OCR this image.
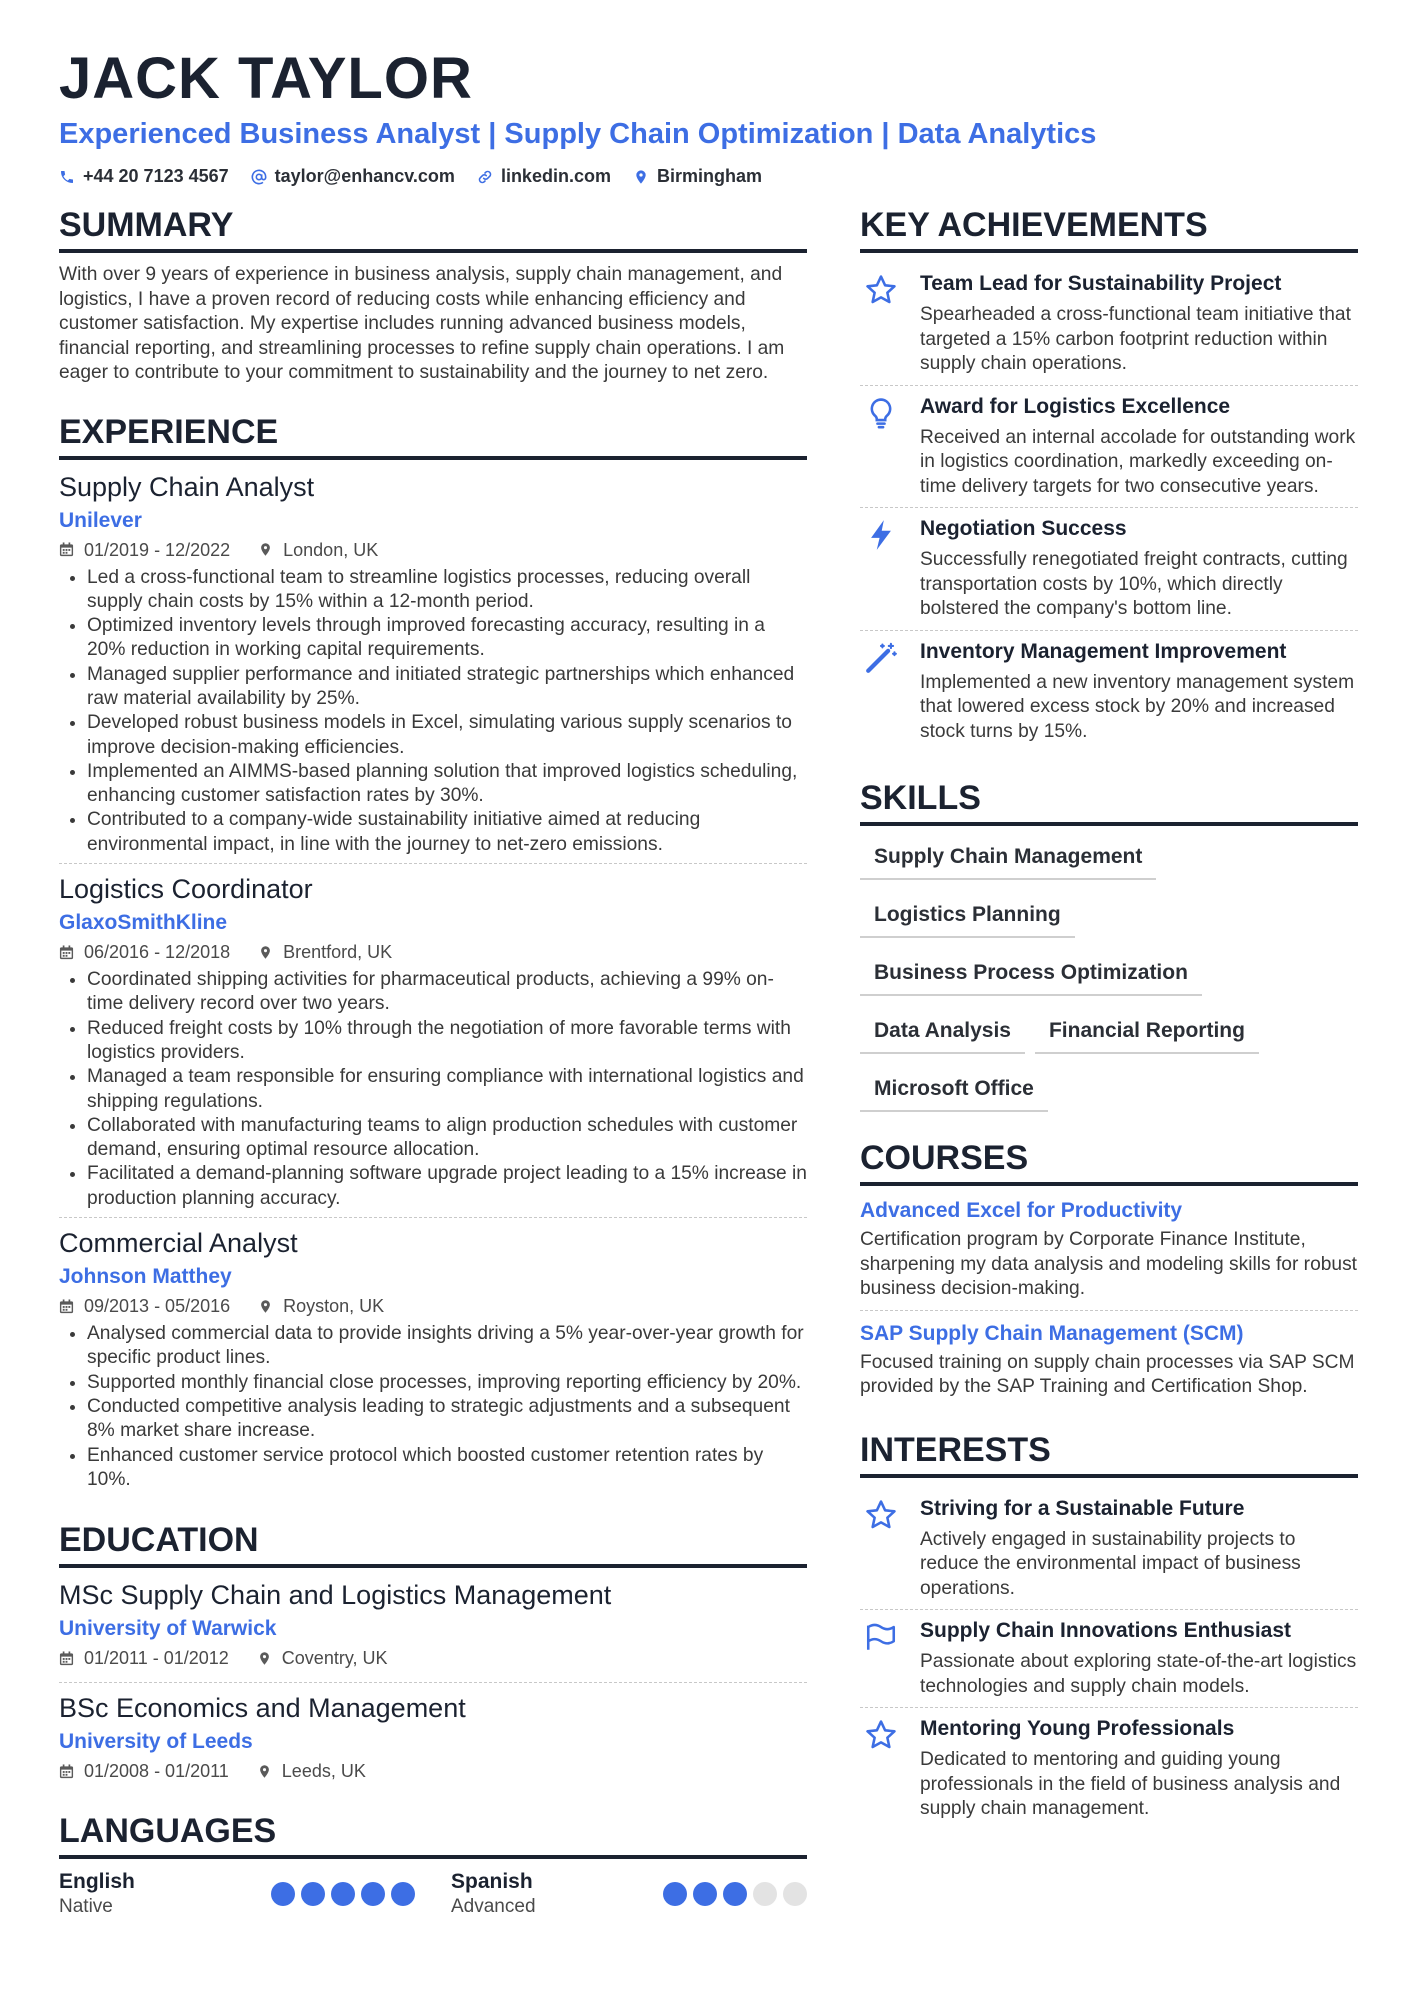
JACK TAYLOR
Experienced Business Analyst | Supply Chain Optimization | Data Analytics
+44 20 7123 4567	taylor@enhancv.com	linkedin.com	Birmingham
SUMMARY
With over 9 years of experience in business analysis, supply chain management, and logistics, I have a proven record of reducing costs while enhancing efficiency and customer satisfaction. My expertise includes running advanced business models, financial reporting, and streamlining processes to refine supply chain operations. I am eager to contribute to your commitment to sustainability and the journey to net zero.
EXPERIENCE
Supply Chain Analyst
Unilever
01/2019 - 12/2022	London, UK
• Led a cross-functional team to streamline logistics processes, reducing overall supply chain costs by 15% within a 12-month period.
• Optimized inventory levels through improved forecasting accuracy, resulting in a 20% reduction in working capital requirements.
• Managed supplier performance and initiated strategic partnerships which enhanced raw material availability by 25%.
• Developed robust business models in Excel, simulating various supply scenarios to improve decision-making efficiencies.
• Implemented an AIMMS-based planning solution that improved logistics scheduling, enhancing customer satisfaction rates by 30%.
• Contributed to a company-wide sustainability initiative aimed at reducing environmental impact, in line with the journey to net-zero emissions.
Logistics Coordinator
GlaxoSmithKline
06/2016 - 12/2018	Brentford, UK
• Coordinated shipping activities for pharmaceutical products, achieving a 99% on-time delivery record over two years.
• Reduced freight costs by 10% through the negotiation of more favorable terms with logistics providers.
• Managed a team responsible for ensuring compliance with international logistics and shipping regulations.
• Collaborated with manufacturing teams to align production schedules with customer demand, ensuring optimal resource allocation.
• Facilitated a demand-planning software upgrade project leading to a 15% increase in production planning accuracy.
Commercial Analyst
Johnson Matthey
09/2013 - 05/2016	Royston, UK
• Analysed commercial data to provide insights driving a 5% year-over-year growth for specific product lines.
• Supported monthly financial close processes, improving reporting efficiency by 20%.
• Conducted competitive analysis leading to strategic adjustments and a subsequent 8% market share increase.
• Enhanced customer service protocol which boosted customer retention rates by 10%.
EDUCATION
MSc Supply Chain and Logistics Management
University of Warwick
01/2011 - 01/2012	Coventry, UK
BSc Economics and Management
University of Leeds
01/2008 - 01/2011	Leeds, UK
LANGUAGES
English
Native
Spanish
Advanced
KEY ACHIEVEMENTS
Team Lead for Sustainability Project
Spearheaded a cross-functional team initiative that targeted a 15% carbon footprint reduction within supply chain operations.
Award for Logistics Excellence
Received an internal accolade for outstanding work in logistics coordination, markedly exceeding on-time delivery targets for two consecutive years.
Negotiation Success
Successfully renegotiated freight contracts, cutting transportation costs by 10%, which directly bolstered the company's bottom line.
Inventory Management Improvement
Implemented a new inventory management system that lowered excess stock by 20% and increased stock turns by 15%.
SKILLS
Supply Chain Management
Logistics Planning
Business Process Optimization
Data Analysis	Financial Reporting
Microsoft Office
COURSES
Advanced Excel for Productivity
Certification program by Corporate Finance Institute, sharpening my data analysis and modeling skills for robust business decision-making.
SAP Supply Chain Management (SCM)
Focused training on supply chain processes via SAP SCM provided by the SAP Training and Certification Shop.
INTERESTS
Striving for a Sustainable Future
Actively engaged in sustainability projects to reduce the environmental impact of business operations.
Supply Chain Innovations Enthusiast
Passionate about exploring state-of-the-art logistics technologies and supply chain models.
Mentoring Young Professionals
Dedicated to mentoring and guiding young professionals in the field of business analysis and supply chain management.
